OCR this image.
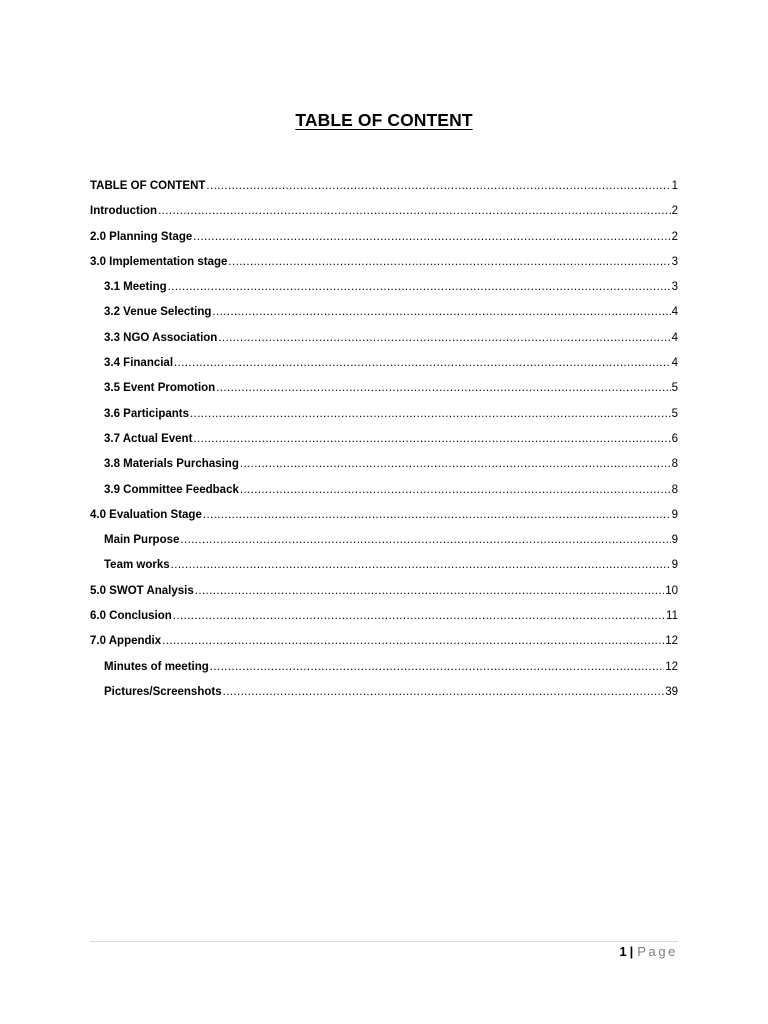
TABLE OF CONTENT
TABLE OF CONTENT .....	1
Introduction .....	2
2.0 Planning Stage .....	2
3.0 Implementation stage .....	3
3.1 Meeting .....	3
3.2 Venue Selecting .....	4
3.3 NGO Association .....	4
3.4 Financial .....	4
3.5 Event Promotion .....	5
3.6 Participants .....	5
3.7 Actual Event .....	6
3.8 Materials Purchasing .....	8
3.9 Committee Feedback .....	8
4.0 Evaluation Stage .....	9
Main Purpose .....	9
Team works .....	9
5.0 SWOT Analysis .....	10
6.0 Conclusion .....	11
7.0 Appendix .....	12
Minutes of meeting .....	12
Pictures/Screenshots .....	39
1 | Page
